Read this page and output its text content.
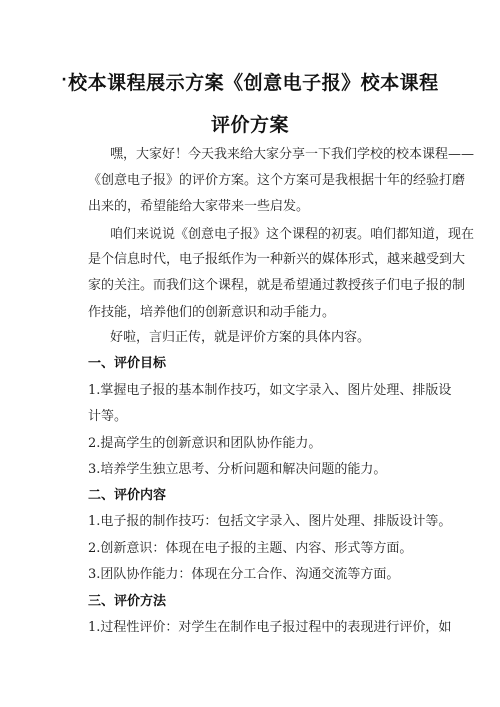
·校本课程展示方案《创意电子报》校本课程
评价方案
嘿，大家好！今天我来给大家分享一下我们学校的校本课程——
《创意电子报》的评价方案。这个方案可是我根据十年的经验打磨
出来的，希望能给大家带来一些启发。
咱们来说说《创意电子报》这个课程的初衷。咱们都知道，现在
是个信息时代，电子报纸作为一种新兴的媒体形式，越来越受到大
家的关注。而我们这个课程，就是希望通过教授孩子们电子报的制
作技能，培养他们的创新意识和动手能力。
好啦，言归正传，就是评价方案的具体内容。
一、评价目标
1.掌握电子报的基本制作技巧，如文字录入、图片处理、排版设
计等。
2.提高学生的创新意识和团队协作能力。
3.培养学生独立思考、分析问题和解决问题的能力。
二、评价内容
1.电子报的制作技巧：包括文字录入、图片处理、排版设计等。
2.创新意识：体现在电子报的主题、内容、形式等方面。
3.团队协作能力：体现在分工合作、沟通交流等方面。
三、评价方法
1.过程性评价：对学生在制作电子报过程中的表现进行评价，如
